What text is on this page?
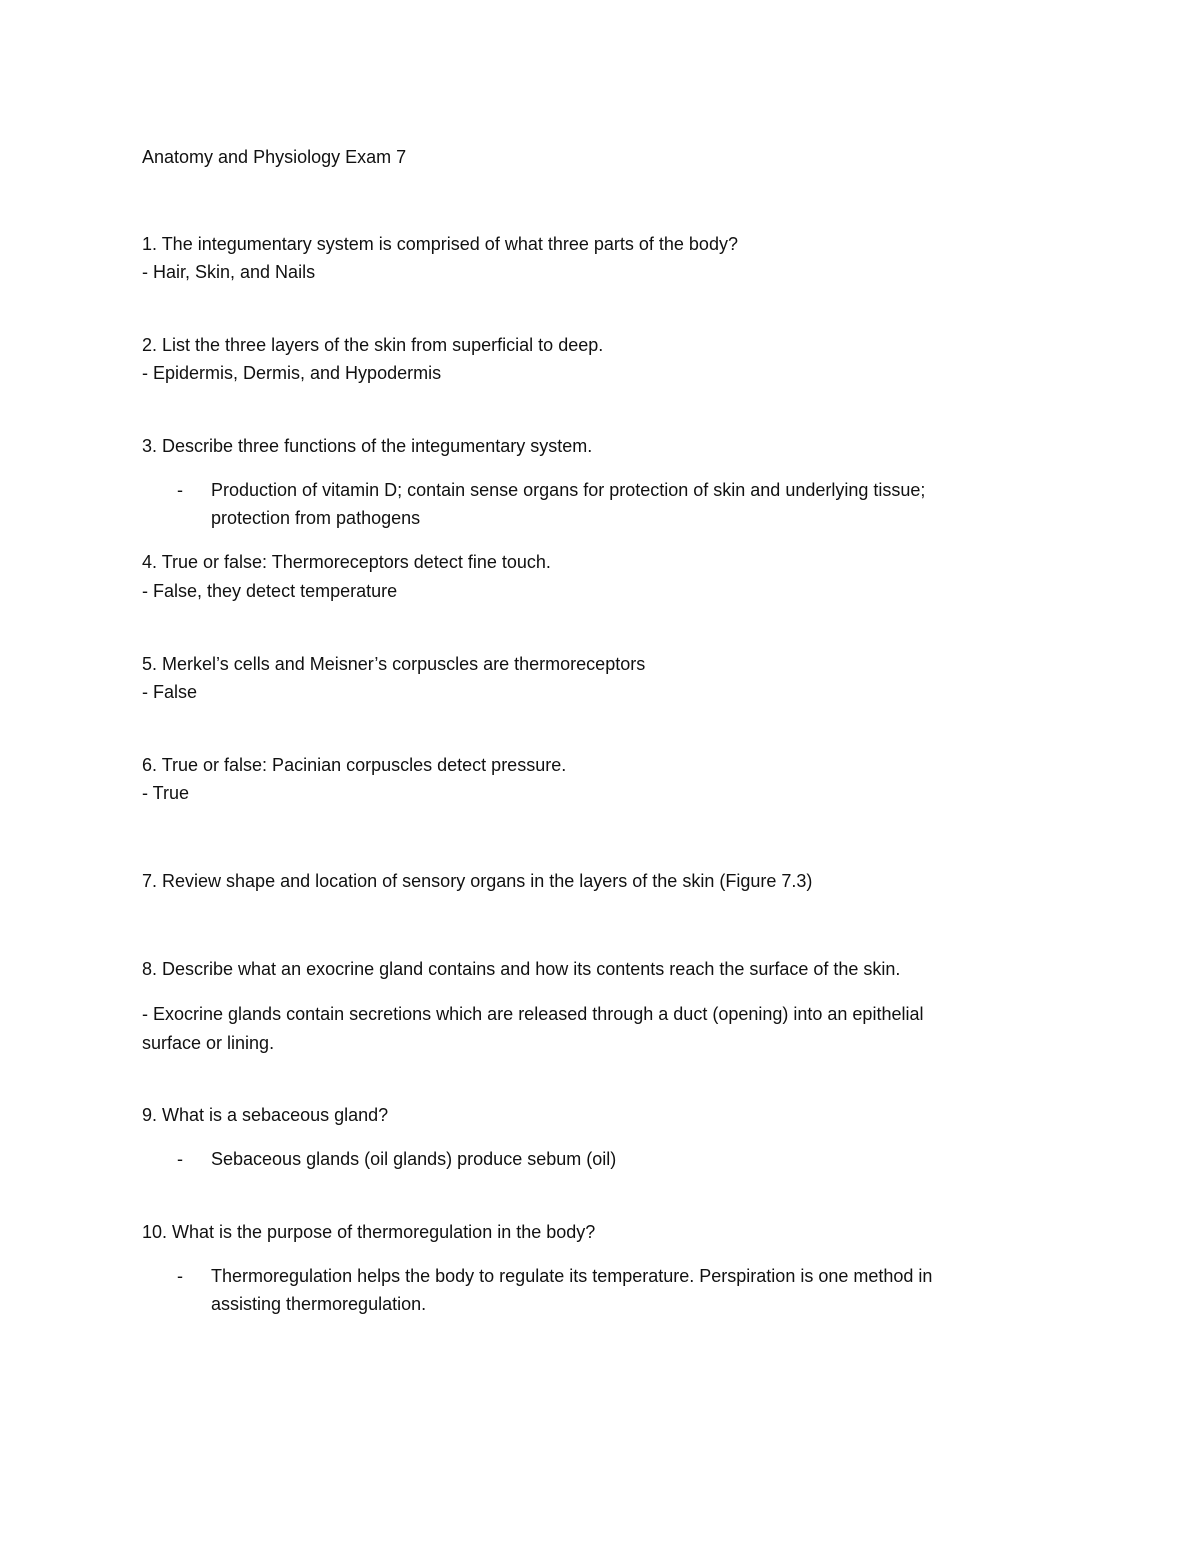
Anatomy and Physiology Exam 7
1. The integumentary system is comprised of what three parts of the body?
- Hair, Skin, and Nails
2. List the three layers of the skin from superficial to deep.
- Epidermis, Dermis, and Hypodermis
3. Describe three functions of the integumentary system.
- Production of vitamin D; contain sense organs for protection of skin and underlying tissue;
protection from pathogens
4. True or false: Thermoreceptors detect fine touch.
- False, they detect temperature
5. Merkel’s cells and Meisner’s corpuscles are thermoreceptors
- False
6. True or false: Pacinian corpuscles detect pressure.
- True
7. Review shape and location of sensory organs in the layers of the skin (Figure 7.3)
8. Describe what an exocrine gland contains and how its contents reach the surface of the skin.
- Exocrine glands contain secretions which are released through a duct (opening) into an epithelial
surface or lining.
9. What is a sebaceous gland?
- Sebaceous glands (oil glands) produce sebum (oil)
10. What is the purpose of thermoregulation in the body?
- Thermoregulation helps the body to regulate its temperature. Perspiration is one method in
assisting thermoregulation.
